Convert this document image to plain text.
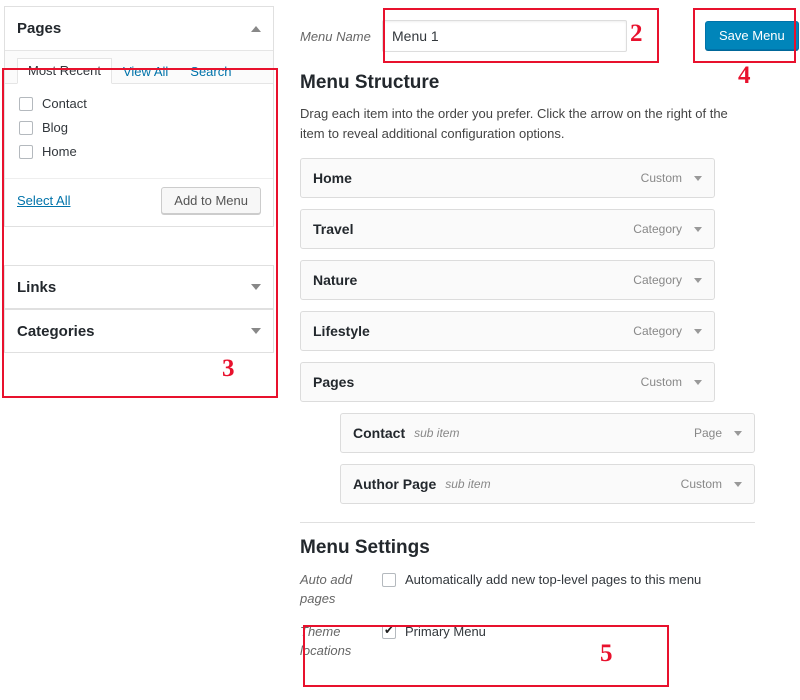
Pages
Most Recent	View All	Search
Contact
Blog
Home
Select All	Add to Menu
Links
Categories
Menu Name
Menu 1
Menu Structure

Drag each item into the order you prefer. Click the arrow on the right of the item to reveal additional configuration options.

Home	Custom
Travel	Category
Nature	Category
Lifestyle	Category
Pages	Custom
Contact sub item	Page
Author Page sub item	Custom
Menu Settings
Auto add pages
Automatically add new top-level pages to this menu
Theme locations
✔
Primary Menu
Save Menu
2
3
4
5
